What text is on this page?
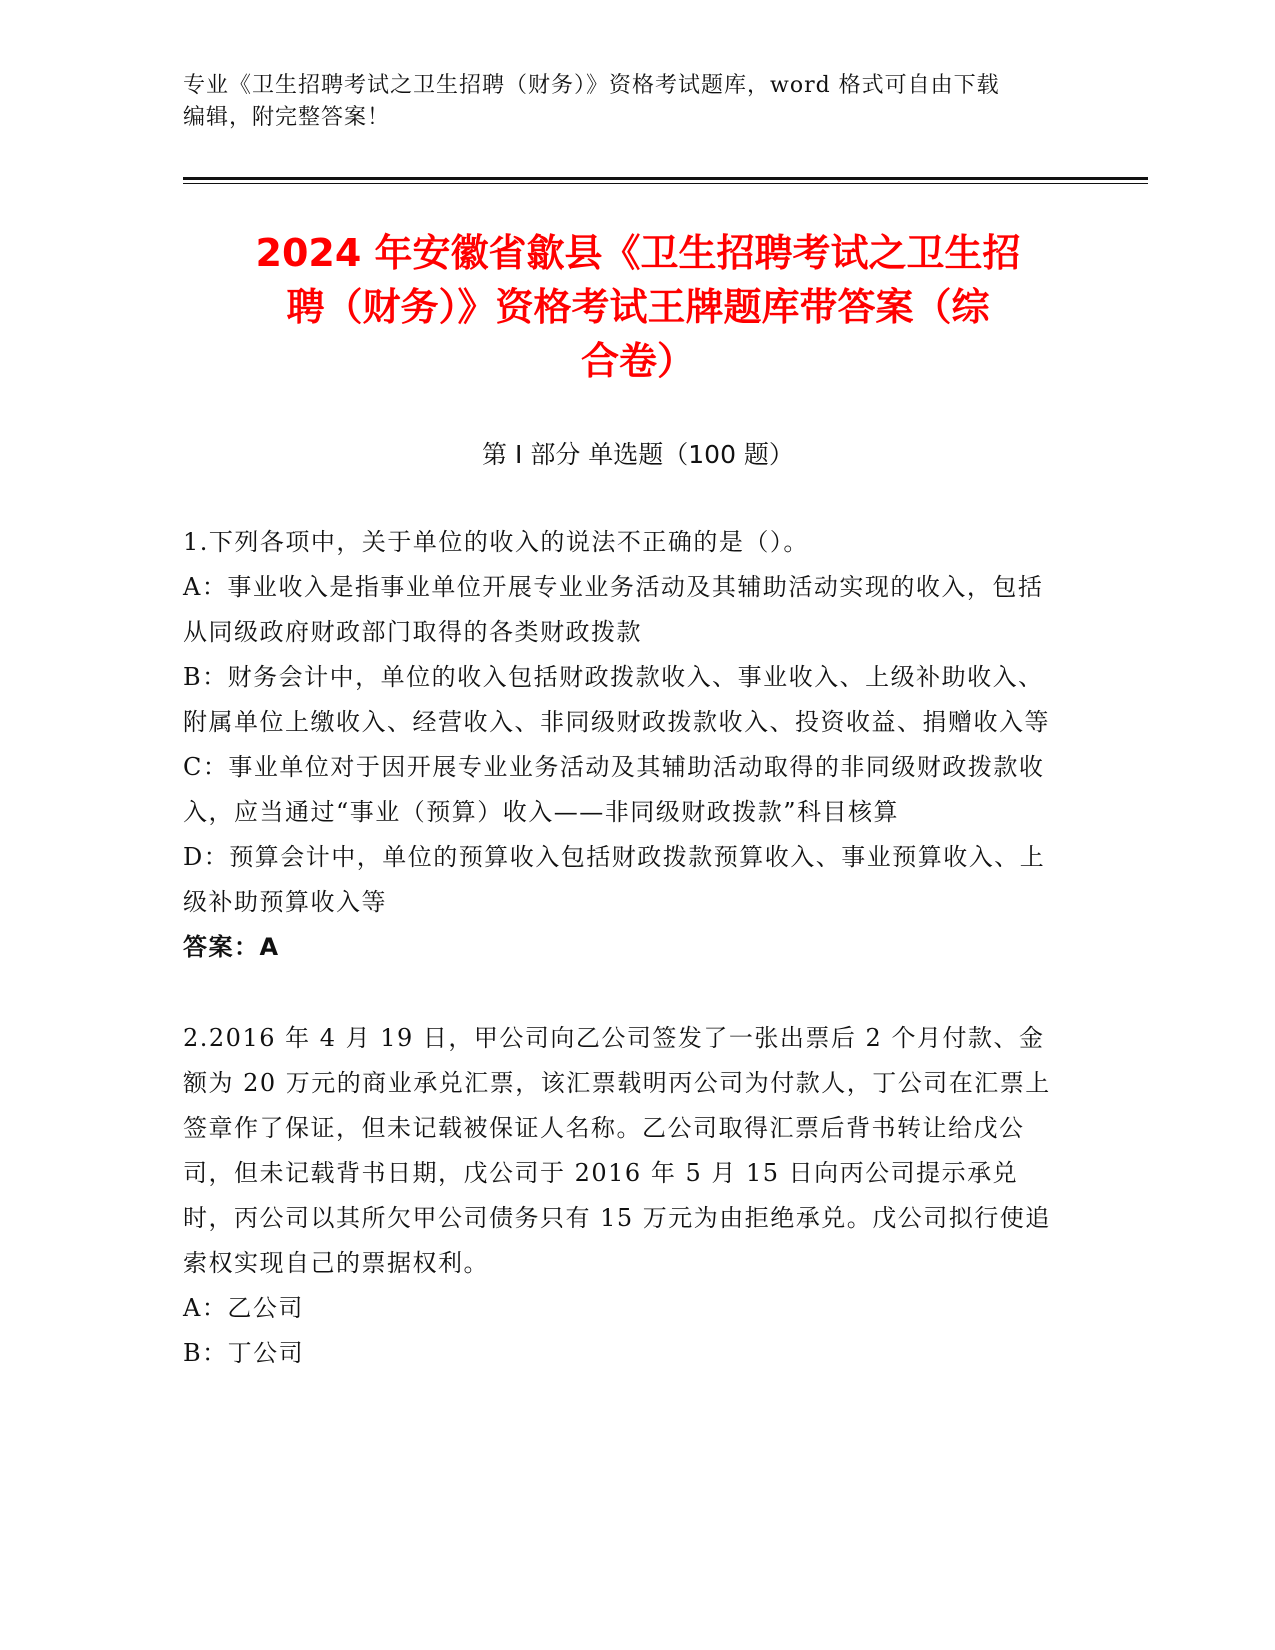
专业《卫生招聘考试之卫生招聘（财务）》资格考试题库，word 格式可自由下载
编辑，附完整答案！
2024 年安徽省歙县《卫生招聘考试之卫生招
聘（财务）》资格考试王牌题库带答案（综
合卷）
第 I 部分 单选题（100 题）

1.下列各项中，关于单位的收入的说法不正确的是（）。

A：事业收入是指事业单位开展专业业务活动及其辅助活动实现的收入，包括从同级政府财政部门取得的各类财政拨款

B：财务会计中，单位的收入包括财政拨款收入、事业收入、上级补助收入、附属单位上缴收入、经营收入、非同级财政拨款收入、投资收益、捐赠收入等

C：事业单位对于因开展专业业务活动及其辅助活动取得的非同级财政拨款收入，应当通过“事业（预算）收入——非同级财政拨款”科目核算

D：预算会计中，单位的预算收入包括财政拨款预算收入、事业预算收入、上级补助预算收入等

答案：A

2.2016 年 4 月 19 日，甲公司向乙公司签发了一张出票后 2 个月付款、金额为 20 万元的商业承兑汇票，该汇票载明丙公司为付款人，丁公司在汇票上签章作了保证，但未记载被保证人名称。乙公司取得汇票后背书转让给戊公司，但未记载背书日期，戊公司于 2016 年 5 月 15 日向丙公司提示承兑时，丙公司以其所欠甲公司债务只有 15 万元为由拒绝承兑。戊公司拟行使追索权实现自己的票据权利。

A：乙公司

B：丁公司
